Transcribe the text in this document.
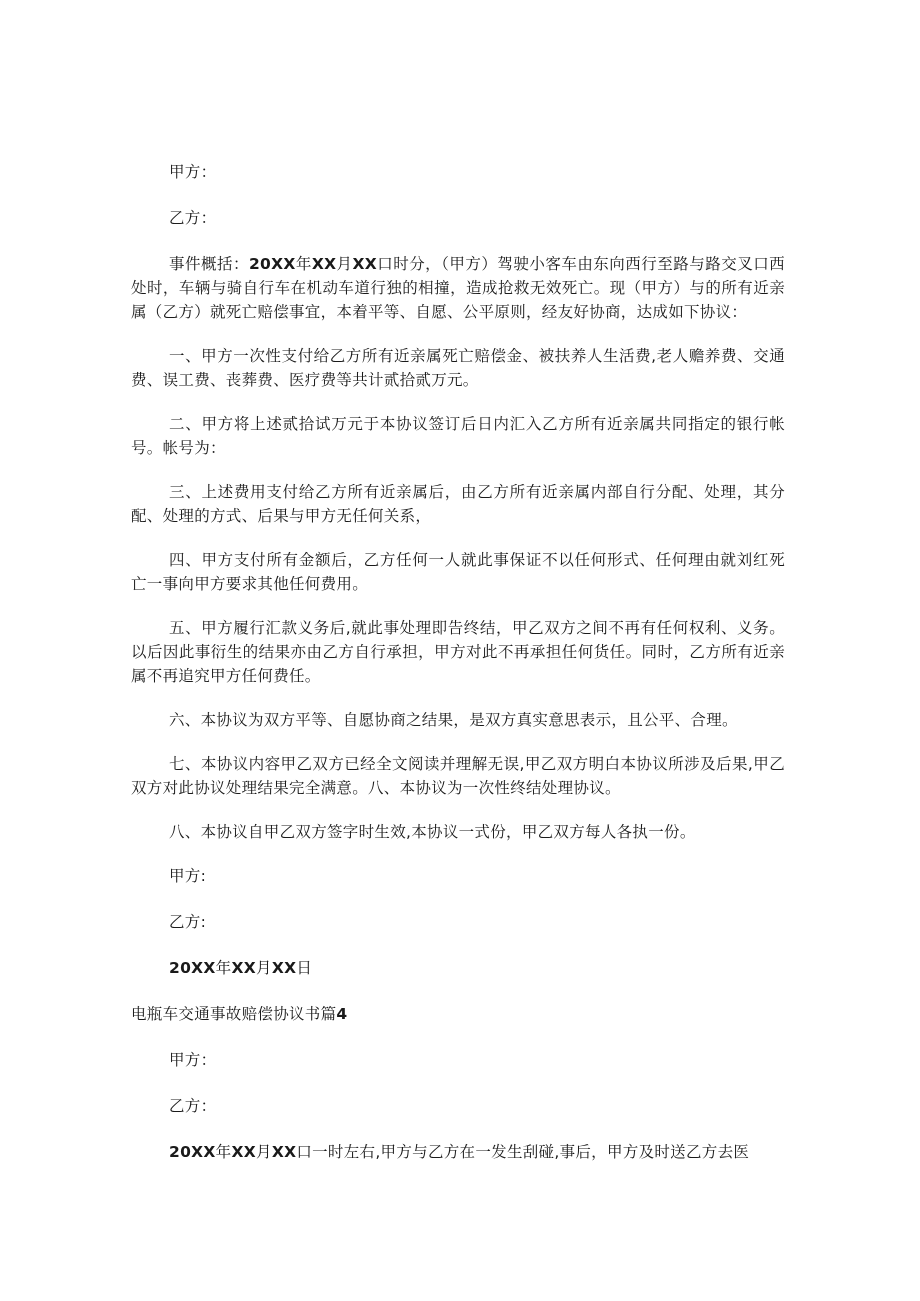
甲方：

乙方：

事件概括：20XX年XX月XX口时分，（甲方）驾驶小客车由东向西行至路与路交叉口西处时，车辆与骑自行车在机动车道行独的相撞，造成抢救无效死亡。现（甲方）与的所有近亲属（乙方）就死亡赔偿事宜，本着平等、自愿、公平原则，经友好协商，达成如下协议：

一、甲方一次性支付给乙方所有近亲属死亡赔偿金、被扶养人生活费,老人赡养费、交通费、误工费、丧葬费、医疗费等共计贰拾贰万元。

二、甲方将上述贰拾试万元于本协议签订后日内汇入乙方所有近亲属共同指定的银行帐号。帐号为：

三、上述费用支付给乙方所有近亲属后，由乙方所有近亲属内部自行分配、处理，其分配、处理的方式、后果与甲方无任何关系，

四、甲方支付所有金额后，乙方任何一人就此事保证不以任何形式、任何理由就刘红死亡一事向甲方要求其他任何费用。

五、甲方履行汇款义务后,就此事处理即告终结，甲乙双方之间不再有任何权利、义务。以后因此事衍生的结果亦由乙方自行承担，甲方对此不再承担任何货任。同时，乙方所有近亲属不再追究甲方任何费任。

六、本协议为双方平等、自愿协商之结果，是双方真实意思表示，且公平、合理。

七、本协议内容甲乙双方已经全文阅读并理解无误,甲乙双方明白本协议所涉及后果,甲乙双方对此协议处理结果完全满意。八、本协议为一次性终结处理协议。

八、本协议自甲乙双方签字时生效,本协议一式份，甲乙双方每人各执一份。

甲方:

乙方:

20XX年XX月XX日

电瓶车交通事故赔偿协议书篇4

甲方：

乙方：

20XX年XX月XX口一时左右,甲方与乙方在一发生刮碰,事后，甲方及时送乙方去医
